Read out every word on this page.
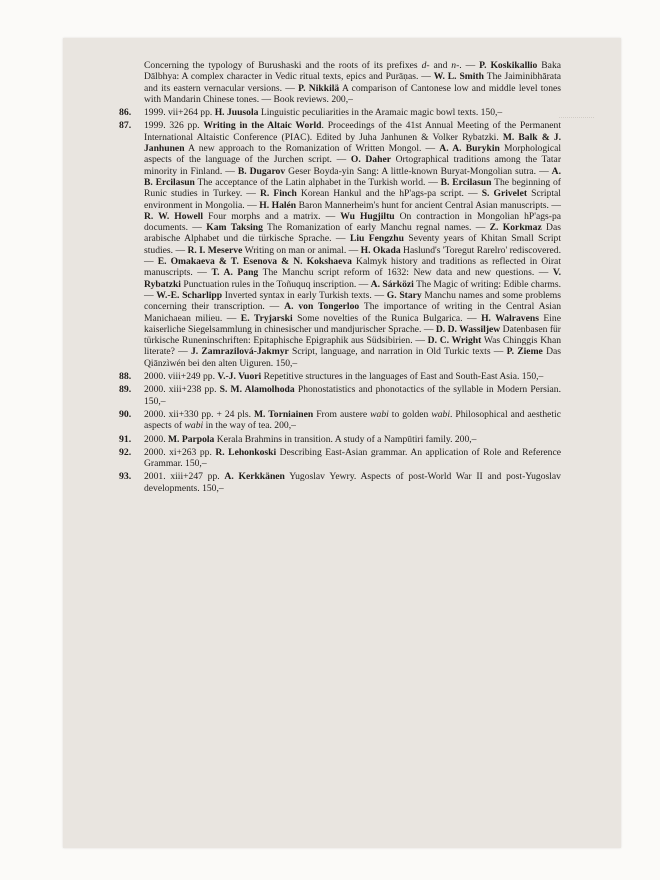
Concerning the typology of Burushaski and the roots of its prefixes d- and n-. — P. Koskikallio Baka Dālbhya: A complex character in Vedic ritual texts, epics and Purāṇas. — W. L. Smith The Jaiminibhārata and its eastern vernacular versions. — P. Nikkilä A comparison of Cantonese low and middle level tones with Mandarin Chinese tones. — Book reviews. 200,–

86. 1999. vii+264 pp. H. Juusola Linguistic peculiarities in the Aramaic magic bowl texts. 150,–

87. 1999. 326 pp. Writing in the Altaic World. Proceedings of the 41st Annual Meeting of the Permanent International Altaistic Conference (PIAC). Edited by Juha Janhunen & Volker Rybatzki. M. Balk & J. Janhunen A new approach to the Romanization of Written Mongol. — A. A. Burykin Morphological aspects of the language of the Jurchen script. — O. Daher Ortographical traditions among the Tatar minority in Finland. — B. Dugarov Geser Boyda-yin Sang: A little-known Buryat-Mongolian sutra. — A. B. Ercilasun The acceptance of the Latin alphabet in the Turkish world. — B. Ercilasun The beginning of Runic studies in Turkey. — R. Finch Korean Hankul and the hP'ags-pa script. — S. Grivelet Scriptal environment in Mongolia. — H. Halén Baron Mannerheim's hunt for ancient Central Asian manuscripts. — R. W. Howell Four morphs and a matrix. — Wu Hugjiltu On contraction in Mongolian hP'ags-pa documents. — Kam Taksing The Romanization of early Manchu regnal names. — Z. Korkmaz Das arabische Alphabet und die türkische Sprache. — Liu Fengzhu Seventy years of Khitan Small Script studies. — R. I. Meserve Writing on man or animal. — H. Okada Haslund's 'Toregut Rarelro' rediscovered. — E. Omakaeva & T. Esenova & N. Kokshaeva Kalmyk history and traditions as reflected in Oirat manuscripts. — T. A. Pang The Manchu script reform of 1632: New data and new questions. — V. Rybatzki Punctuation rules in the Toñuquq inscription. — A. Sárközi The Magic of writing: Edible charms. — W.-E. Scharlipp Inverted syntax in early Turkish texts. — G. Stary Manchu names and some problems concerning their transcription. — A. von Tongerloo The importance of writing in the Central Asian Manichaean milieu. — E. Tryjarski Some novelties of the Runica Bulgarica. — H. Walravens Eine kaiserliche Siegelsammlung in chinesischer und mandjurischer Sprache. — D. D. Wassiljew Datenbasen für türkische Runeninschriften: Epitaphische Epigraphik aus Südsibirien. — D. C. Wright Was Chinggis Khan literate? — J. Zamrazilová-Jakmyr Script, language, and narration in Old Turkic texts — P. Zieme Das Qiānzìwén bei den alten Uiguren. 150,–

88. 2000. viii+249 pp. V.-J. Vuori Repetitive structures in the languages of East and South-East Asia. 150,–

89. 2000. xiii+238 pp. S. M. Alamolhoda Phonostatistics and phonotactics of the syllable in Modern Persian. 150,–

90. 2000. xii+330 pp. + 24 pls. M. Torniainen From austere wabi to golden wabi. Philosophical and aesthetic aspects of wabi in the way of tea. 200,–

91. 2000. M. Parpola Kerala Brahmins in transition. A study of a Nampūtiri family. 200,–

92. 2000. xi+263 pp. R. Lehonkoski Describing East-Asian grammar. An application of Role and Reference Grammar. 150,–

93. 2001. xiii+247 pp. A. Kerkkänen Yugoslav Yewry. Aspects of post-World War II and post-Yugoslav developments. 150,–
